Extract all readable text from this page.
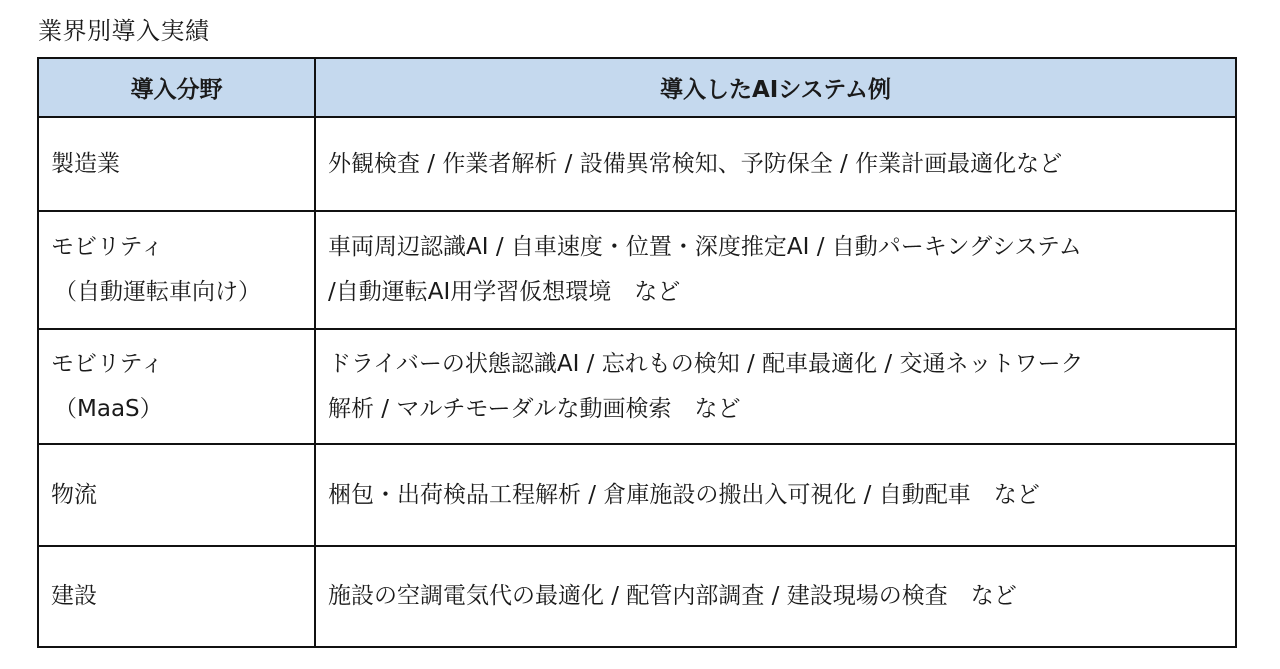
業界別導入実績
導入分野	導入したAIシステム例

製造業	外観検査 / 作業者解析 / 設備異常検知、予防保全 / 作業計画最適化など

モビリティ
（自動運転車向け）	車両周辺認識AI / 自車速度・位置・深度推定AI / 自動パーキングシステム
/自動運転AI用学習仮想環境　など

モビリティ
（MaaS）	ドライバーの状態認識AI / 忘れもの検知 / 配車最適化 / 交通ネットワーク
解析 / マルチモーダルな動画検索　など

物流	梱包・出荷検品工程解析 / 倉庫施設の搬出入可視化 / 自動配車　など

建設	施設の空調電気代の最適化 / 配管内部調査 / 建設現場の検査　など
